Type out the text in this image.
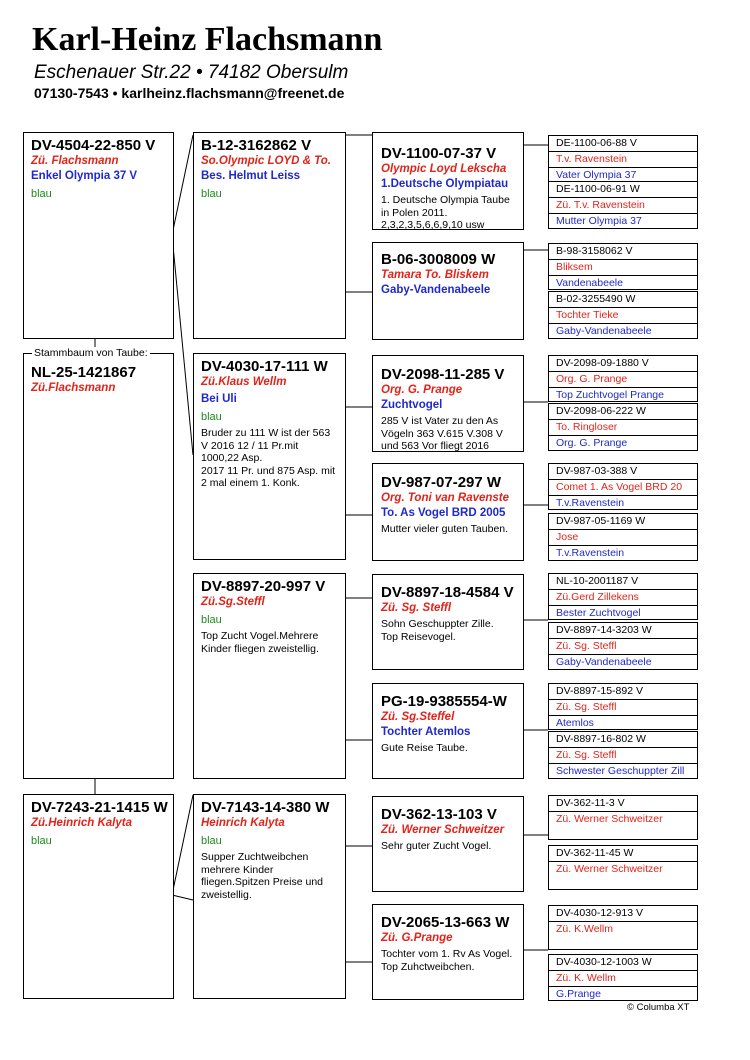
Karl-Heinz Flachsmann
Eschenauer Str.22 • 74182 Obersulm
07130-7543 • karlheinz.flachsmann@freenet.de
NL-25-1421867
Zü.Flachsmann
Stammbaum von Taube:
DV-4504-22-850 V
Zü. Flachsmann
Enkel Olympia 37 V
blau
DV-7243-21-1415 W
Zü.Heinrich Kalyta
blau
B-12-3162862 V
So.Olympic LOYD & To.
Bes. Helmut Leiss
blau
DV-4030-17-111 W
Zü.Klaus Wellm
Bei Uli
blau
Bruder zu 111 W ist der 563 V 2016 12 / 11 Pr.mit 1000,22 Asp.
2017 11 Pr. und 875 Asp. mit 2 mal einem 1. Konk.
DV-8897-20-997 V
Zü.Sg.Steffl
blau
Top Zucht Vogel.Mehrere Kinder fliegen zweistellig.
DV-7143-14-380 W
Heinrich Kalyta
blau
Supper Zuchtweibchen mehrere Kinder fliegen.Spitzen Preise und zweistellig.
DV-1100-07-37 V
Olympic Loyd Lekscha
1.Deutsche Olympiatau
1. Deutsche Olympia Taube in Polen 2011.
2,3,2,3,5,6,6,9,10 usw
B-06-3008009 W
Tamara To. Bliskem
Gaby-Vandenabeele
DV-2098-11-285 V
Org. G. Prange
Zuchtvogel
285 V ist Vater zu den As Vögeln 363 V.615 V.308 V und 563 Vor fliegt 2016
DV-987-07-297 W
Org. Toni van Ravenste
To. As Vogel BRD 2005
Mutter vieler guten Tauben.
DV-8897-18-4584 V
Zü. Sg. Steffl
Sohn Geschuppter Zille.
Top Reisevogel.
PG-19-9385554-W
Zü. Sg.Steffel
Tochter Atemlos
Gute Reise Taube.
DV-362-13-103 V
Zü. Werner Schweitzer
Sehr guter Zucht Vogel.
DV-2065-13-663 W
Zü. G.Prange
Tochter vom 1. Rv As Vogel.
Top Zuhctweibchen.
DE-1100-06-88 V
T.v. Ravenstein
Vater Olympia 37
DE-1100-06-91 W
Zü. T.v. Ravenstein
Mutter Olympia 37
B-98-3158062 V
Bliksem
Vandenabeele
B-02-3255490 W
Tochter Tieke
Gaby-Vandenabeele
DV-2098-09-1880 V
Org. G. Prange
Top Zuchtvogel Prange
DV-2098-06-222 W
To. Ringloser
Org. G. Prange
DV-987-03-388 V
Comet 1. As Vogel BRD 20
T.v.Ravenstein
DV-987-05-1169 W
Jose
T.v.Ravenstein
NL-10-2001187 V
Zü.Gerd Zillekens
Bester Zuchtvogel
DV-8897-14-3203 W
Zü. Sg. Steffl
Gaby-Vandenabeele
DV-8897-15-892 V
Zü. Sg. Steffl
Atemlos
DV-8897-16-802 W
Zü. Sg. Steffl
Schwester Geschuppter Zill
DV-362-11-3 V
Zü. Werner Schweitzer
DV-362-11-45 W
Zü. Werner Schweitzer
DV-4030-12-913 V
Zü. K.Wellm
DV-4030-12-1003 W
Zü. K. Wellm
G.Prange
© Columba XT
